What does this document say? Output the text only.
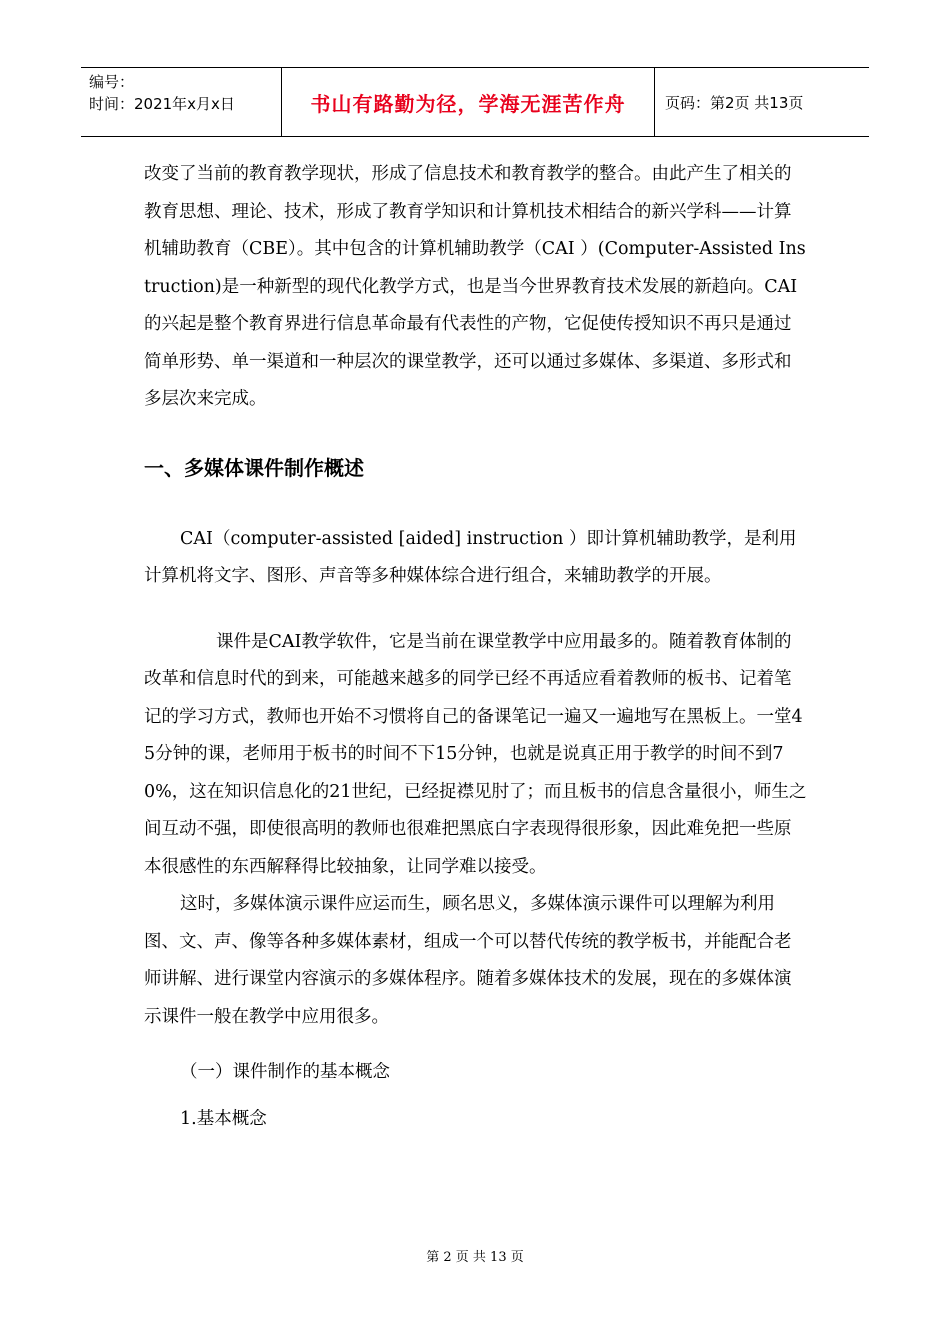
编号：
时间：2021年x月x日	书山有路勤为径，学海无涯苦作舟	页码：第2页 共13页

改变了当前的教育教学现状，形成了信息技术和教育教学的整合。由此产生了相关的教育思想、理论、技术，形成了教育学知识和计算机技术相结合的新兴学科——计算机辅助教育（CBE）。其中包含的计算机辅助教学（CAI ）(Computer-Assisted Instruction)是一种新型的现代化教学方式，也是当今世界教育技术发展的新趋向。CAI的兴起是整个教育界进行信息革命最有代表性的产物，它促使传授知识不再只是通过简单形势、单一渠道和一种层次的课堂教学，还可以通过多媒体、多渠道、多形式和多层次来完成。

一、多媒体课件制作概述

CAI（computer-assisted [aided] instruction ）即计算机辅助教学，是利用计算机将文字、图形、声音等多种媒体综合进行组合，来辅助教学的开展。

课件是CAI教学软件，它是当前在课堂教学中应用最多的。随着教育体制的改革和信息时代的到来，可能越来越多的同学已经不再适应看着教师的板书、记着笔记的学习方式，教师也开始不习惯将自己的备课笔记一遍又一遍地写在黑板上。一堂45分钟的课，老师用于板书的时间不下15分钟，也就是说真正用于教学的时间不到70%，这在知识信息化的21世纪，已经捉襟见肘了；而且板书的信息含量很小，师生之间互动不强，即使很高明的教师也很难把黑底白字表现得很形象，因此难免把一些原本很感性的东西解释得比较抽象，让同学难以接受。

这时，多媒体演示课件应运而生，顾名思义，多媒体演示课件可以理解为利用图、文、声、像等各种多媒体素材，组成一个可以替代传统的教学板书，并能配合老师讲解、进行课堂内容演示的多媒体程序。随着多媒体技术的发展，现在的多媒体演示课件一般在教学中应用很多。

（一）课件制作的基本概念

1.基本概念

第 2 页 共 13 页
